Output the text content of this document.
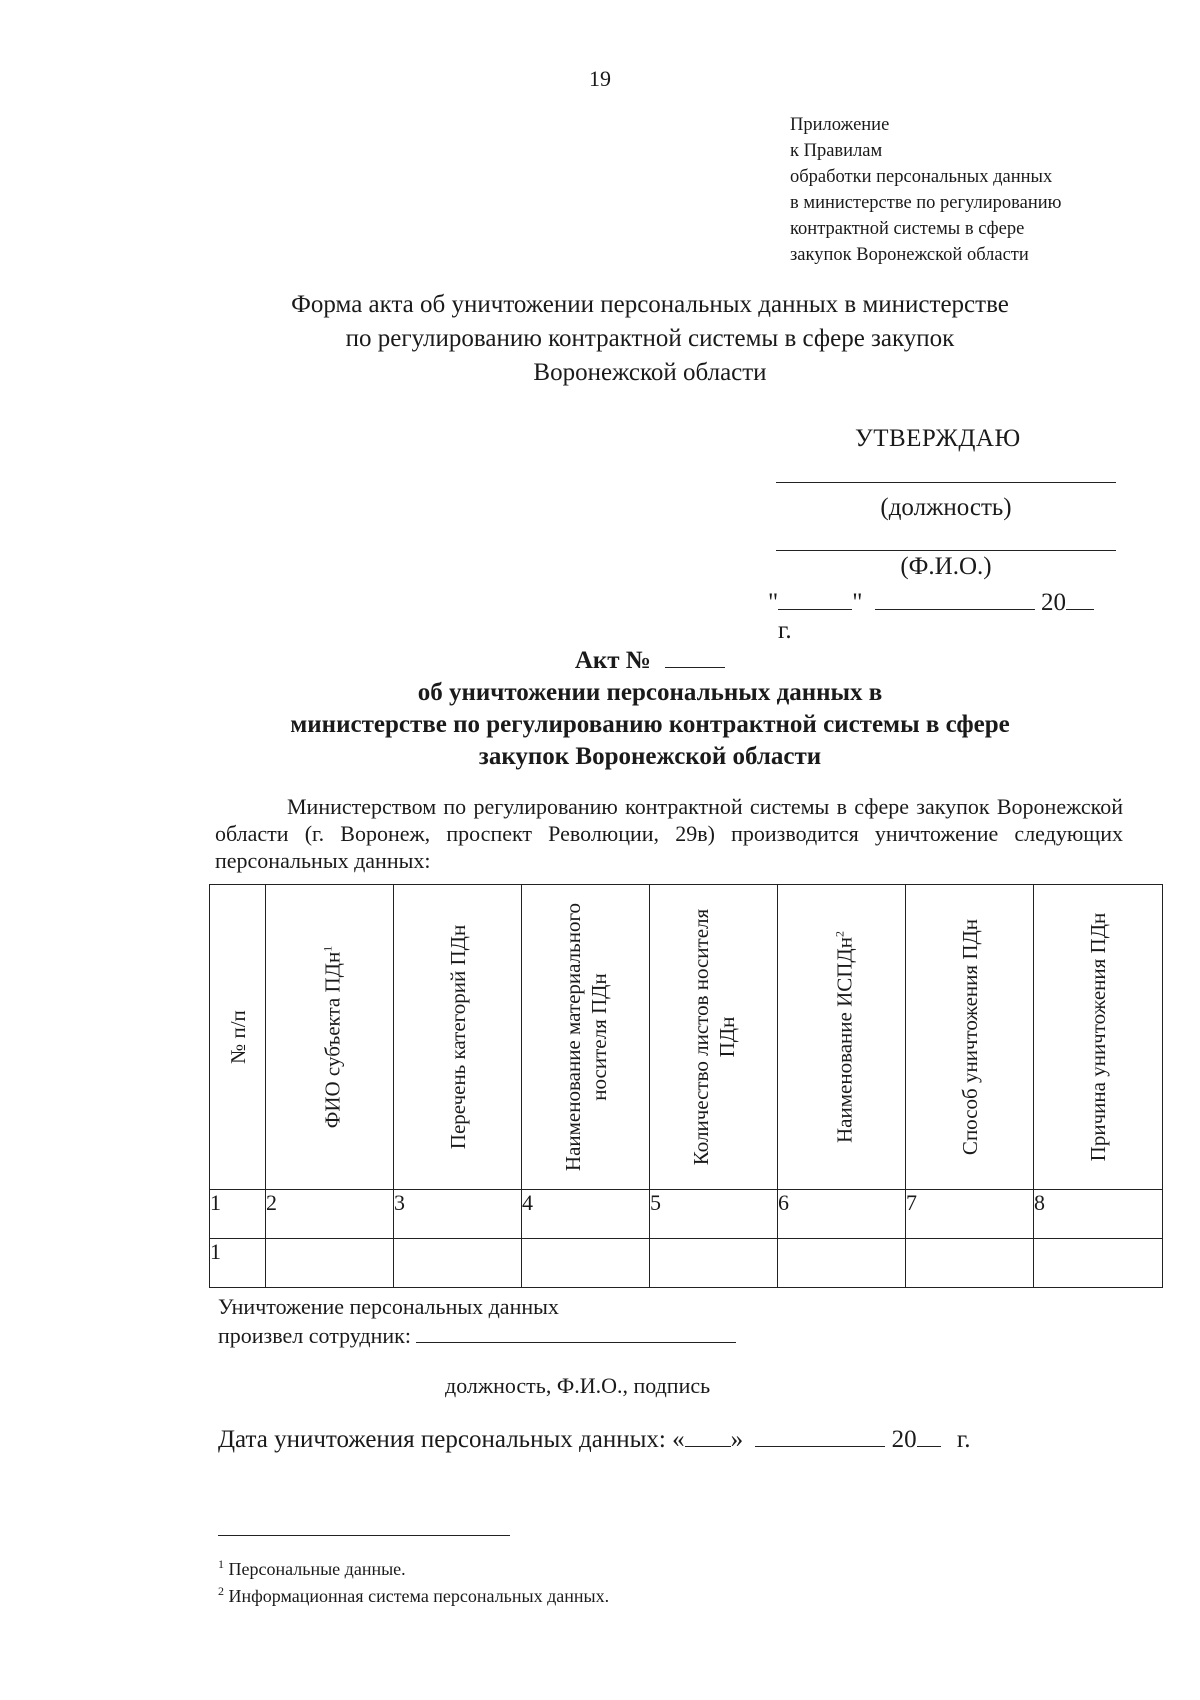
19
Приложение
к Правилам
обработки персональных данных
в министерстве по регулированию
контрактной системы в сфере
закупок Воронежской области
Форма акта об уничтожении персональных данных в министерстве
по регулированию контрактной системы в сфере закупок
Воронежской области
УТВЕРЖДАЮ
(должность)
(Ф.И.О.)
"	"	20 г.
Акт №
об уничтожении персональных данных в
министерстве по регулированию контрактной системы в сфере
закупок Воронежской области

Министерством по регулированию контрактной системы в сфере закупок Воронежской области (г. Воронеж, проспект Революции, 29в) производится уничтожение следующих персональных данных:

№ п/п	ФИО субъекта ПДн$^1$	Перечень категорий ПДн	Наименование материального носителя ПДн	Количество листов носителя ПДн	Наименование ИСПДн$^2$	Способ уничтожения ПДн	Причина уничтожения ПДн

1	2	3	4	5	6	7	8
1							
Уничтожение персональных данных
произвел сотрудник:
должность, Ф.И.О., подпись
Дата уничтожения персональных данных: « »	20 г.
$^1$ Персональные данные.
$^2$ Информационная система персональных данных.
